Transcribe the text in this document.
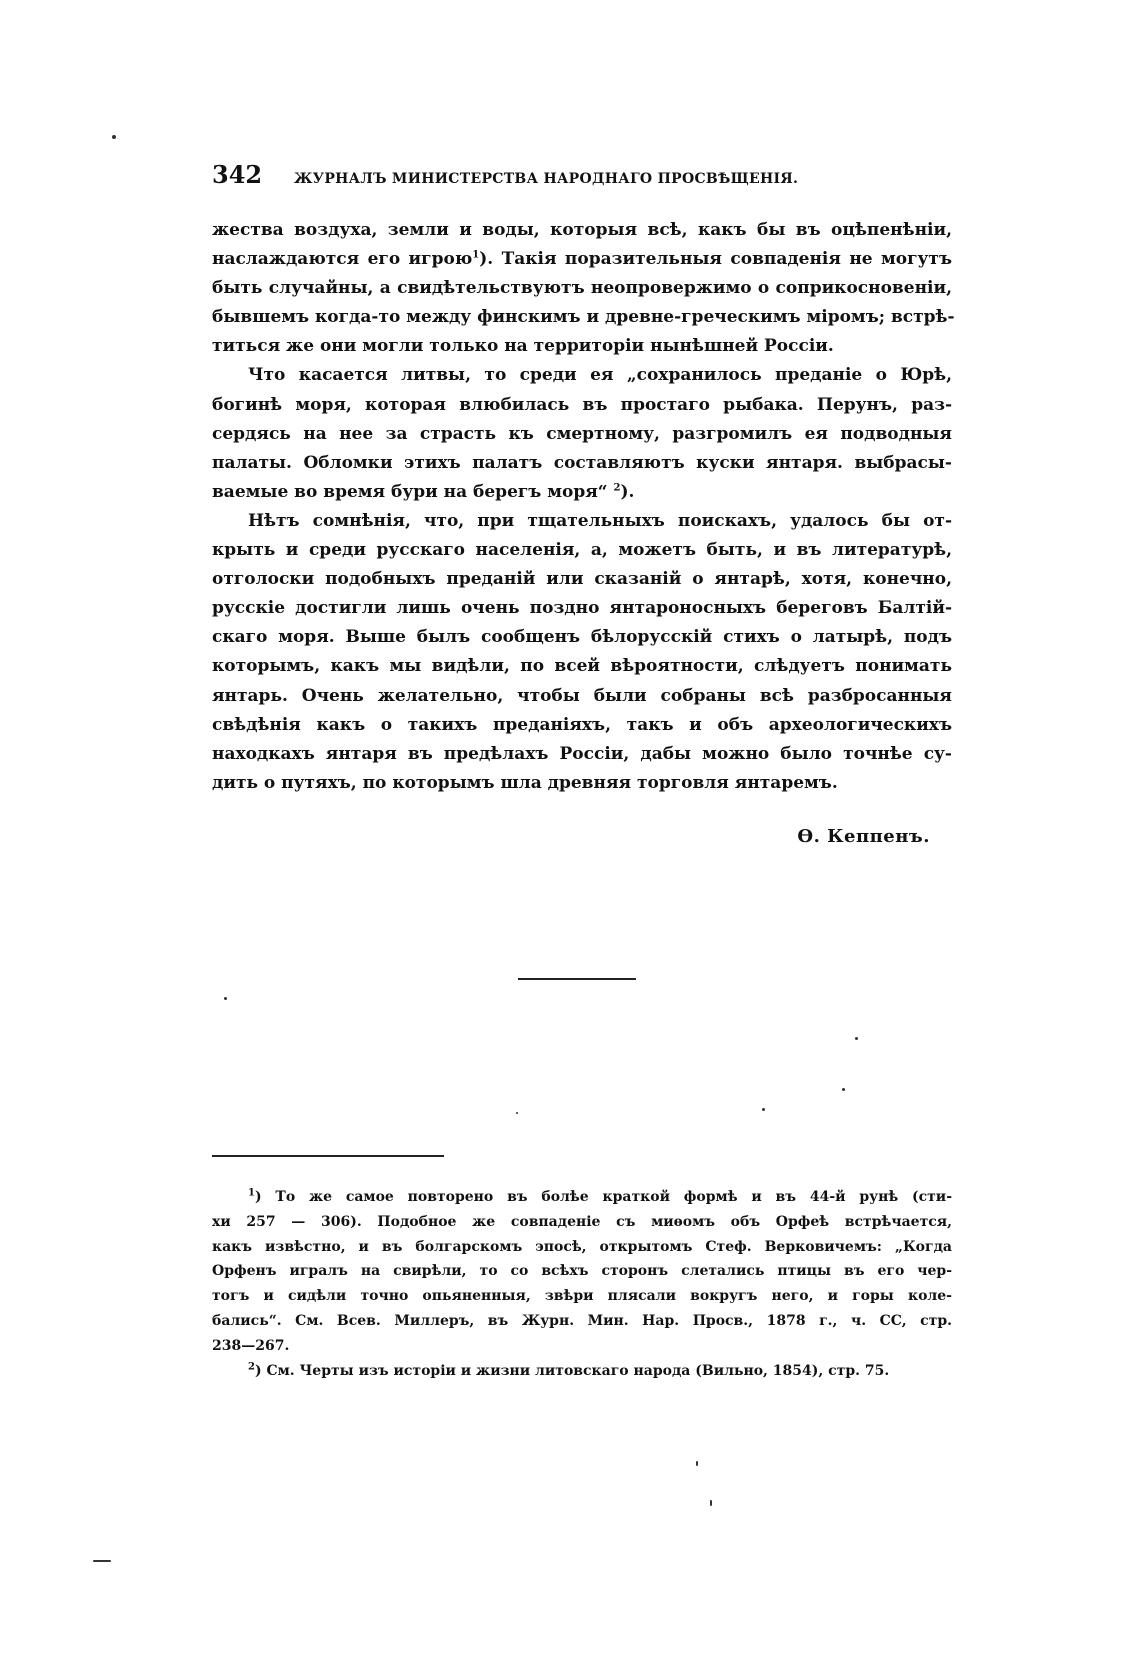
342	ЖУРНАЛЪ МИНИСТЕРСТВА НАРОДНАГО ПРОСВѢЩЕНІЯ.
жества воздуха, земли и воды, которыя всѣ, какъ бы въ оцѣпенѣніи,
наслаждаются его игрою$^1$). Такія поразительныя совпаденія не могутъ
быть случайны, а свидѣтельствуютъ неопровержимо о соприкосновеніи,
бывшемъ когда-то между финскимъ и древне-греческимъ міромъ; встрѣ-
титься же они могли только на территоріи нынѣшней Россіи.
Что касается литвы, то среди ея „сохранилось преданіе о Юрѣ,
богинѣ моря, которая влюбилась въ простаго рыбака. Перунъ, раз-
сердясь на нее за страсть къ смертному, разгромилъ ея подводныя
палаты. Обломки этихъ палатъ составляютъ куски янтаря. выбрасы-
ваемые во время бури на берегъ моря“ $^2$).
Нѣтъ сомнѣнія, что, при тщательныхъ поискахъ, удалось бы от-
крыть и среди русскаго населенія, а, можетъ быть, и въ литературѣ,
отголоски подобныхъ преданій или сказаній о янтарѣ, хотя, конечно,
русскіе достигли лишь очень поздно янтароносныхъ береговъ Балтій-
скаго моря. Выше былъ сообщенъ бѣлорусскій стихъ о латырѣ, подъ
которымъ, какъ мы видѣли, по всей вѣроятности, слѣдуетъ понимать
янтарь. Очень желательно, чтобы были собраны всѣ разбросанныя
свѣдѣнія какъ о такихъ преданіяхъ, такъ и объ археологическихъ
находкахъ янтаря въ предѣлахъ Россіи, дабы можно было точнѣе су-
дить о путяхъ, по которымъ шла древняя торговля янтаремъ.
Ѳ. Кеппенъ.
$^1$) То же самое повторено въ болѣе краткой формѣ и въ 44-й рунѣ (сти-
хи 257 — 306). Подобное же совпаденіе съ миѳомъ объ Орфеѣ встрѣчается,
какъ извѣстно, и въ болгарскомъ эпосѣ, открытомъ Стеф. Верковичемъ: „Когда
Орфенъ игралъ на свирѣли, то со всѣхъ сторонъ слетались птицы въ его чер-
тогъ и сидѣли точно опьяненныя, звѣри плясали вокругъ него, и горы коле-
бались“. См. Всев. Миллеръ, въ Журн. Мин. Нар. Просв., 1878 г., ч. CC, стр.
238—267.
$^2$) См. Черты изъ исторіи и жизни литовскаго народа (Вильно, 1854), стр. 75.
